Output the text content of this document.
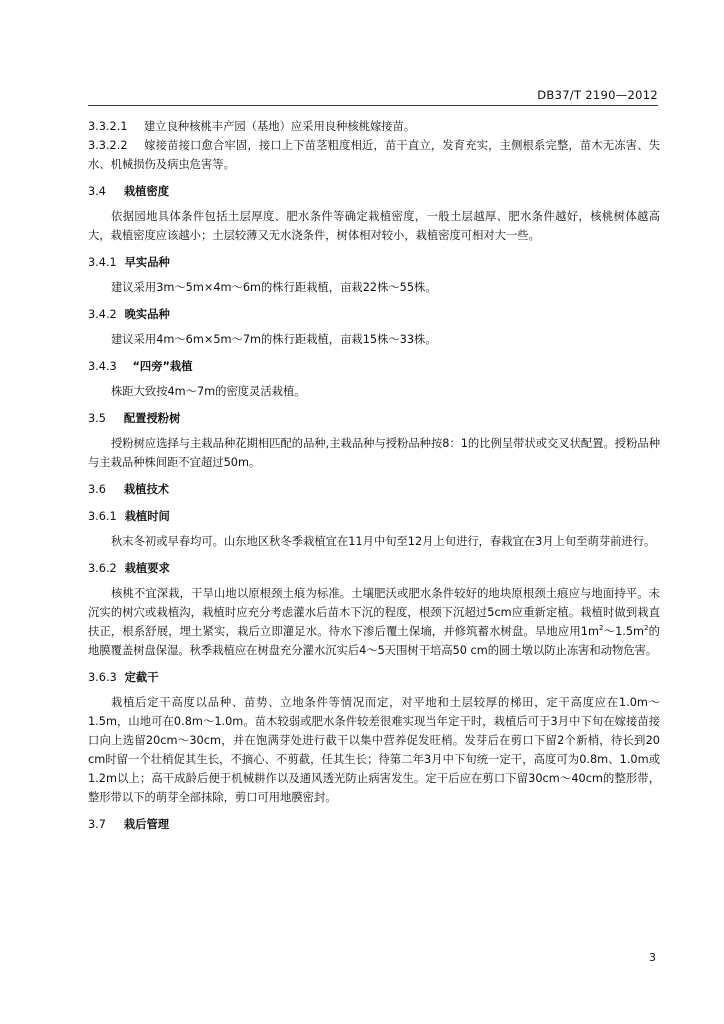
DB37/T 2190—2012
3.3.2.1 建立良种核桃丰产园（基地）应采用良种核桃嫁接苗。
3.3.2.2 嫁接苗接口愈合牢固，接口上下苗茎粗度相近，苗干直立，发育充实，主侧根系完整，苗木无冻害、失水、机械损伤及病虫危害等。
3.4 栽植密度
依据园地具体条件包括土层厚度、肥水条件等确定栽植密度，一般土层越厚、肥水条件越好，核桃树体越高大，栽植密度应该越小；土层较薄又无水浇条件，树体相对较小，栽植密度可相对大一些。
3.4.1 早实品种
建议采用3m～5m×4m～6m的株行距栽植，亩栽22株～55株。
3.4.2 晚实品种
建议采用4m～6m×5m～7m的株行距栽植，亩栽15株～33株。
3.4.3 “四旁”栽植
株距大致按4m～7m的密度灵活栽植。
3.5 配置授粉树
授粉树应选择与主栽品种花期相匹配的品种,主栽品种与授粉品种按8：1的比例呈带状或交叉状配置。授粉品种与主栽品种株间距不宜超过50m。
3.6 栽植技术
3.6.1 栽植时间
秋末冬初或早春均可。山东地区秋冬季栽植宜在11月中旬至12月上旬进行，春栽宜在3月上旬至萌芽前进行。
3.6.2 栽植要求
核桃不宜深栽，干旱山地以原根颈土痕为标准。土壤肥沃或肥水条件较好的地块原根颈土痕应与地面持平。未沉实的树穴或栽植沟，栽植时应充分考虑灌水后苗木下沉的程度，根颈下沉超过5cm应重新定植。栽植时做到栽直扶正，根系舒展，埋土紧实，栽后立即灌足水。待水下渗后覆土保墒，并修筑蓄水树盘。旱地应用$1m^2\sim 1.5m^2$的地膜覆盖树盘保湿。秋季栽植应在树盘充分灌水沉实后4～5天围树干培高50 cm的圆土墩以防止冻害和动物危害。
3.6.3 定截干
栽植后定干高度以品种、苗势、立地条件等情况而定，对平地和土层较厚的梯田，定干高度应在1.0m～1.5m，山地可在0.8m～1.0m。苗木较弱或肥水条件较差很难实现当年定干时，栽植后可于3月中下旬在嫁接苗接口向上选留20cm～30cm，并在饱满芽处进行截干以集中营养促发旺梢。发芽后在剪口下留2个新梢，待长到20 cm时留一个壮梢促其生长，不摘心、不剪截，任其生长；待第二年3月中下旬统一定干，高度可为0.8m、1.0m或1.2m以上；高干成龄后便于机械耕作以及通风透光防止病害发生。定干后应在剪口下留30cm～40cm的整形带，整形带以下的萌芽全部抹除，剪口可用地膜密封。
3.7 栽后管理
3
